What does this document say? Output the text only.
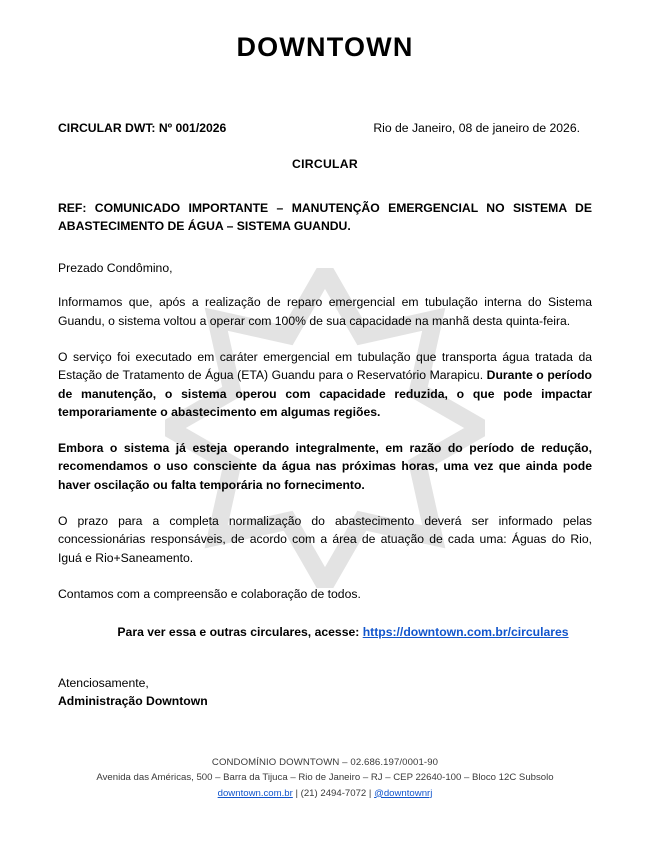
DOWNTOWN
CIRCULAR DWT: Nº 001/2026	Rio de Janeiro, 08 de janeiro de 2026.
CIRCULAR
REF: COMUNICADO IMPORTANTE – MANUTENÇÃO EMERGENCIAL NO SISTEMA DE ABASTECIMENTO DE ÁGUA – SISTEMA GUANDU.
Prezado Condômino,

Informamos que, após a realização de reparo emergencial em tubulação interna do Sistema Guandu, o sistema voltou a operar com 100% de sua capacidade na manhã desta quinta-feira.

O serviço foi executado em caráter emergencial em tubulação que transporta água tratada da Estação de Tratamento de Água (ETA) Guandu para o Reservatório Marapicu. Durante o período de manutenção, o sistema operou com capacidade reduzida, o que pode impactar temporariamente o abastecimento em algumas regiões.

Embora o sistema já esteja operando integralmente, em razão do período de redução, recomendamos o uso consciente da água nas próximas horas, uma vez que ainda pode haver oscilação ou falta temporária no fornecimento.

O prazo para a completa normalização do abastecimento deverá ser informado pelas concessionárias responsáveis, de acordo com a área de atuação de cada uma: Águas do Rio, Iguá e Rio+Saneamento.

Contamos com a compreensão e colaboração de todos.

Para ver essa e outras circulares, acesse: https://downtown.com.br/circulares
Atenciosamente,
Administração Downtown
CONDOMÍNIO DOWNTOWN – 02.686.197/0001-90
Avenida das Américas, 500 – Barra da Tijuca – Rio de Janeiro – RJ – CEP 22640-100 – Bloco 12C Subsolo
downtown.com.br | (21) 2494-7072 | @downtownrj
